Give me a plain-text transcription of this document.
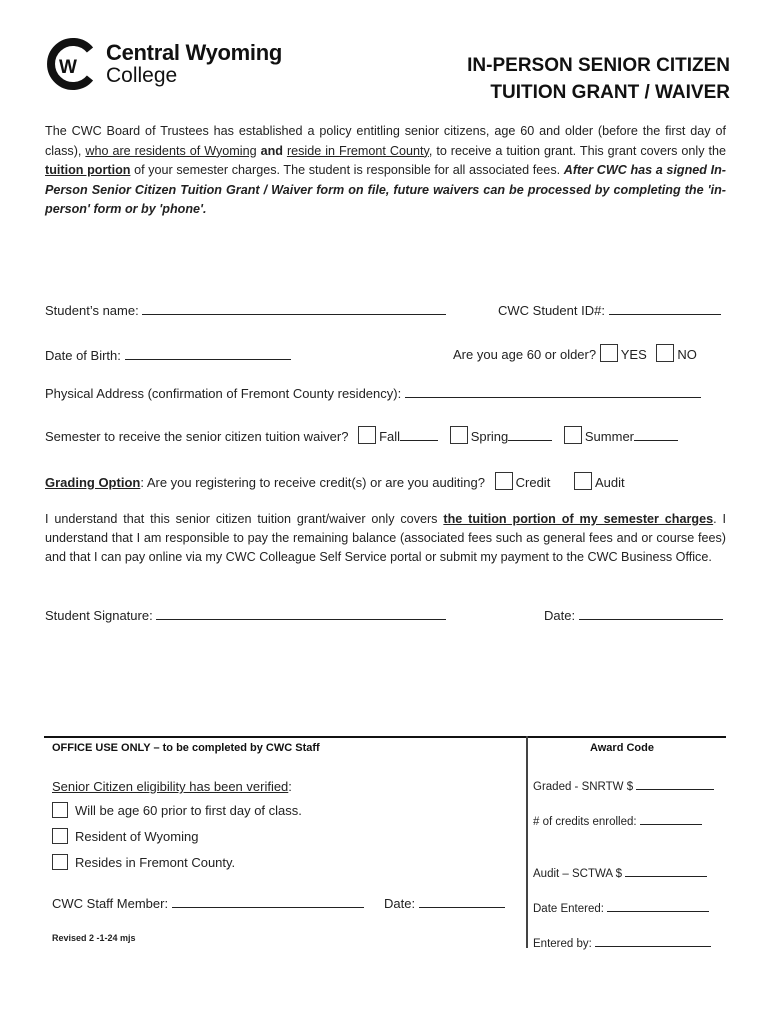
W
Central Wyoming
College	IN-PERSON SENIOR CITIZEN
TUITION GRANT / WAIVER
The CWC Board of Trustees has established a policy entitling senior citizens, age 60 and older (before the first day of class), who are residents of Wyoming and reside in Fremont County, to receive a tuition grant. This grant covers only the tuition portion of your semester charges. The student is responsible for all associated fees. After CWC has a signed In-Person Senior Citizen Tuition Grant / Waiver form on file, future waivers can be processed by completing the 'in-person' form or by 'phone'.
Student’s name:	CWC Student ID#:
Date of Birth:	Are you age 60 or older? YES NO
Physical Address (confirmation of Fremont County residency):
Semester to receive the senior citizen tuition waiver? Fall	Spring	Summer
Grading Option: Are you registering to receive credit(s) or are you auditing? Credit	Audit
I understand that this senior citizen tuition grant/waiver only covers the tuition portion of my semester charges. I understand that I am responsible to pay the remaining balance (associated fees such as general fees and or course fees) and that I can pay online via my CWC Colleague Self Service portal or submit my payment to the CWC Business Office.
Student Signature:	Date:
OFFICE USE ONLY – to be completed by CWC Staff	Award Code
Senior Citizen eligibility has been verified:
Will be age 60 prior to first day of class.
Resident of Wyoming
Resides in Fremont County.
CWC Staff Member:	Date:
Revised 2 -1-24 mjs
Graded - SNRTW $
# of credits enrolled:
Audit – SCTWA $
Date Entered:
Entered by:
